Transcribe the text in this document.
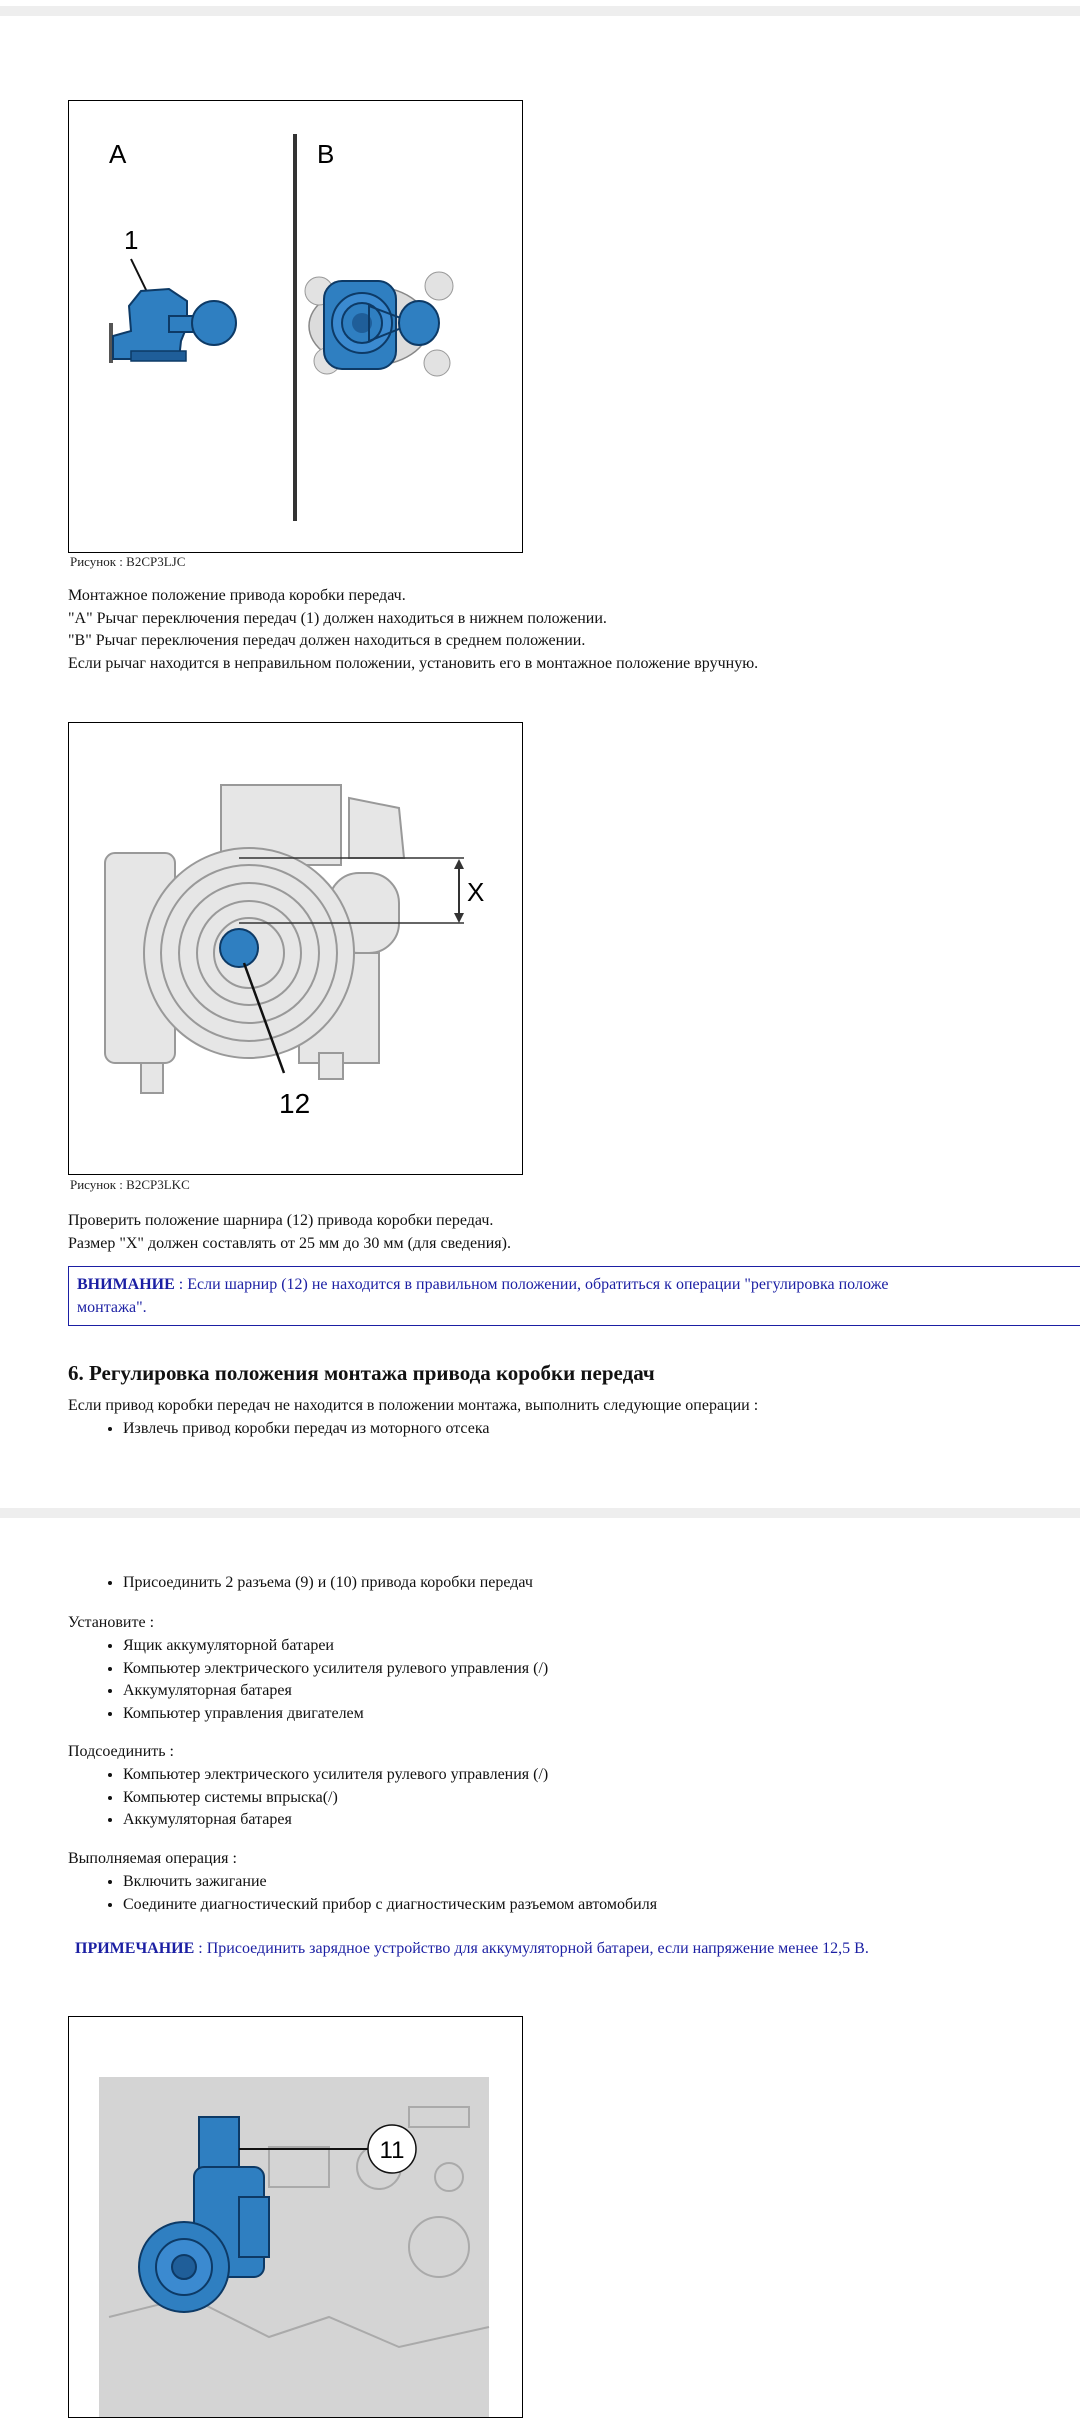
A	B
1
Рисунок : B2CP3LJC

Монтажное положение привода коробки передач.

"A" Рычаг переключения передач (1) должен находиться в нижнем положении.

"B" Рычаг переключения передач должен находиться в среднем положении.

Если рычаг находится в неправильном положении, установить его в монтажное положение вручную.

X
12
Рисунок : B2CP3LKC

Проверить положение шарнира (12) привода коробки передач.

Размер "X" должен составлять от 25 мм до 30 мм (для сведения).

ВНИМАНИЕ : Если шарнир (12) не находится в правильном положении, обратиться к операции "регулировка положе
монтажа".
6. Регулировка положения монтажа привода коробки передач
Если привод коробки передач не находится в положении монтажа, выполнить следующие операции :
• Извлечь привод коробки передач из моторного отсека
• Присоединить 2 разъема (9) и (10) привода коробки передач
Установите :
• Ящик аккумуляторной батареи
• Компьютер электрического усилителя рулевого управления (/)
• Аккумуляторная батарея
• Компьютер управления двигателем
Подсоединить :
• Компьютер электрического усилителя рулевого управления (/)
• Компьютер системы впрыска(/)
• Аккумуляторная батарея
Выполняемая операция :
• Включить зажигание
• Соедините диагностический прибор с диагностическим разъемом автомобиля
ПРИМЕЧАНИЕ : Присоединить зарядное устройство для аккумуляторной батареи, если напряжение менее 12,5 В.
11
